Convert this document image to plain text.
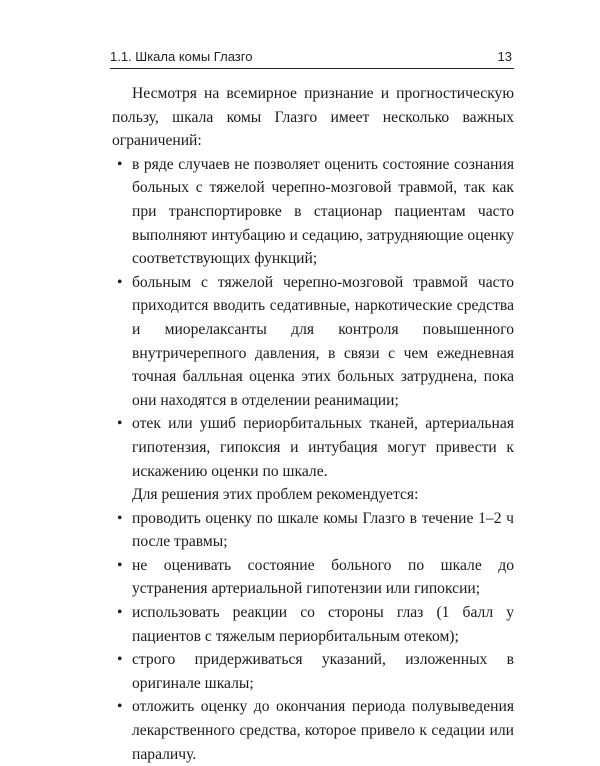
1.1. Шкала комы Глазго	13

Несмотря на всемирное признание и прогностическую пользу, шкала комы Глазго имеет несколько важных ограничений:

• в ряде случаев не позволяет оценить состояние сознания больных с тяжелой черепно-мозговой травмой, так как при транспортировке в стационар пациентам часто выполняют интубацию и седацию, затрудняющие оценку соответствующих функций;
• больным с тяжелой черепно-мозговой травмой часто приходится вводить седативные, наркотические средства и миорелаксанты для контроля повышенного внутричерепного давления, в связи с чем ежедневная точная балльная оценка этих больных затруднена, пока они находятся в отделении реанимации;
• отек или ушиб периорбитальных тканей, артериальная гипотензия, гипоксия и интубация могут привести к искажению оценки по шкале.

Для решения этих проблем рекомендуется:

• проводить оценку по шкале комы Глазго в течение 1–2 ч после травмы;
• не оценивать состояние больного по шкале до устранения артериальной гипотензии или гипоксии;
• использовать реакции со стороны глаз (1 балл у пациентов с тяжелым периорбитальным отеком);
• строго придерживаться указаний, изложенных в оригинале шкалы;
• отложить оценку до окончания периода полувыведения лекарственного средства, которое привело к седации или параличу.
